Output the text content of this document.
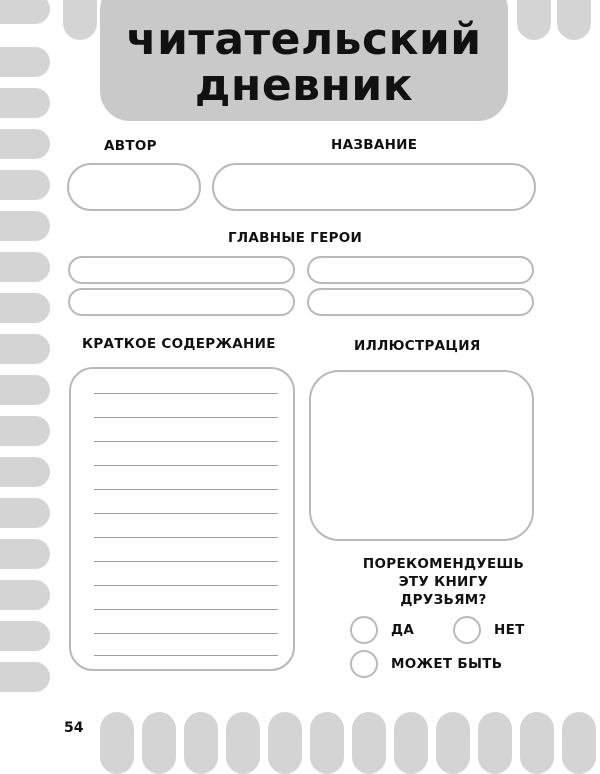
читательский
дневник
АВТОР	НАЗВАНИЕ
ГЛАВНЫЕ ГЕРОИ
КРАТКОЕ СОДЕРЖАНИЕ	ИЛЛЮСТРАЦИЯ
ПОРЕКОМЕНДУЕШЬ
ЭТУ КНИГУ
ДРУЗЬЯМ?
ДА	НЕТ
МОЖЕТ БЫТЬ
54
